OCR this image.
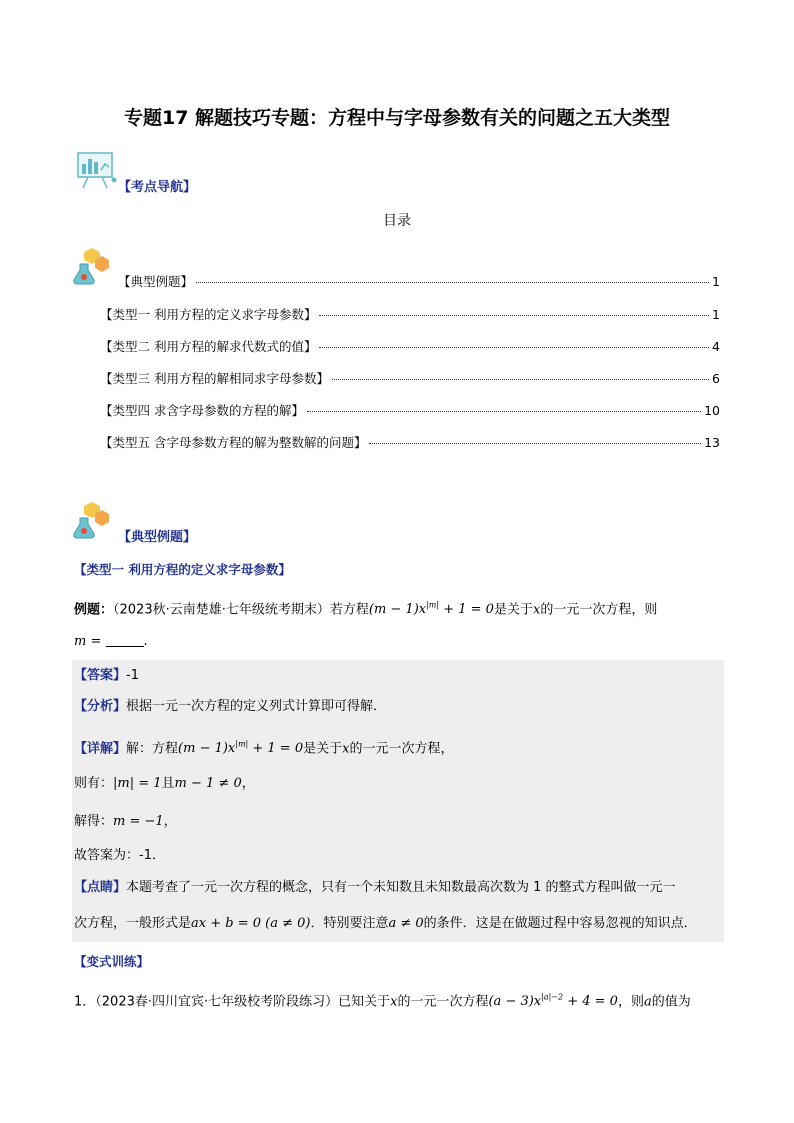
专题17 解题技巧专题：方程中与字母参数有关的问题之五大类型
【考点导航】
目录
【典型例题】	1
【类型一 利用方程的定义求字母参数】	1
【类型二 利用方程的解求代数式的值】	4
【类型三 利用方程的解相同求字母参数】	6
【类型四 求含字母参数的方程的解】	10
【类型五 含字母参数方程的解为整数解的问题】	13
【典型例题】
【类型一 利用方程的定义求字母参数】
例题：（2023秋·云南楚雄·七年级统考期末）若方程$(m - 1)x^{|m|} + 1 = 0$是关于x的一元一次方程，则
m =	.
【答案】-1
【分析】根据一元一次方程的定义列式计算即可得解．
【详解】解：方程$(m - 1)x^{|m|} + 1 = 0$是关于x的一元一次方程，
则有：|m| = 1且m − 1 ≠ 0，
解得：m = −1，
故答案为：-1．
【点睛】本题考查了一元一次方程的概念，只有一个未知数且未知数最高次数为 1 的整式方程叫做一元一
次方程，一般形式是ax + b = 0 (a ≠ 0)．特别要注意a ≠ 0的条件．这是在做题过程中容易忽视的知识点．
【变式训练】
1．（2023春·四川宜宾·七年级校考阶段练习）已知关于x的一元一次方程$(a - 3)x^{|a|-2} + 4 = 0$，则a的值为
